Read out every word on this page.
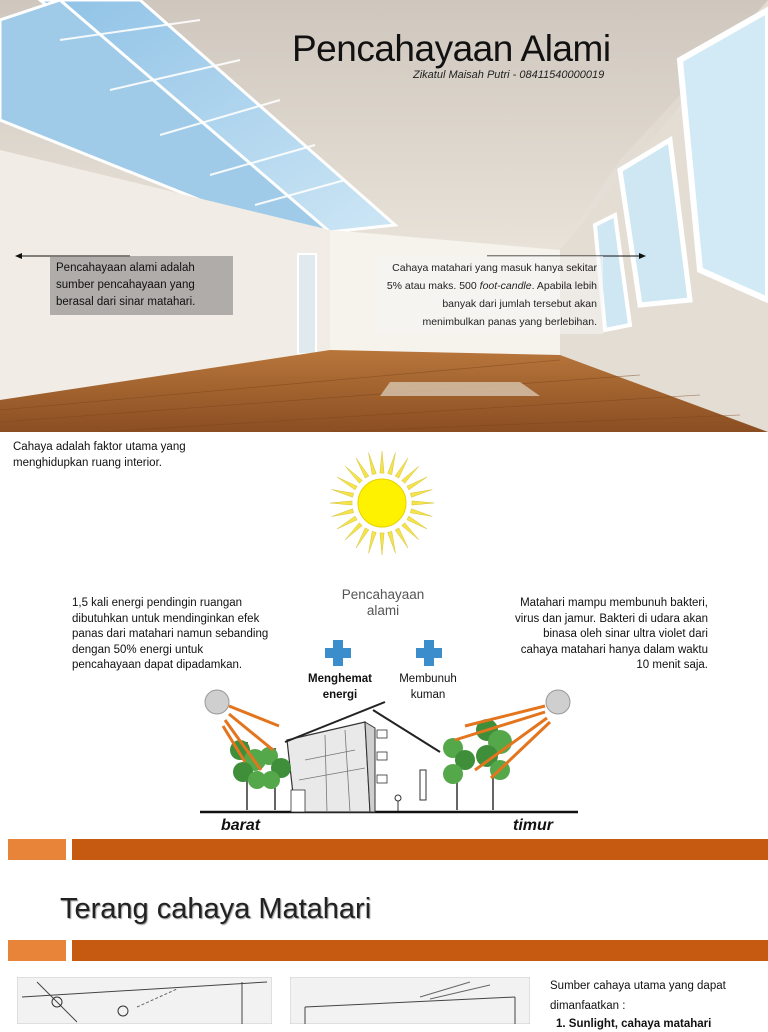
Pencahayaan Alami
Zikatul Maisah Putri - 08411540000019
Pencahayaan alami adalah sumber pencahayaan yang berasal dari sinar matahari.
Cahaya matahari yang masuk hanya sekitar 5% atau maks. 500 foot-candle. Apabila lebih banyak dari jumlah tersebut akan menimbulkan panas yang berlebihan.
Cahaya adalah faktor utama yang menghidupkan ruang interior.
1,5 kali energi pendingin ruangan dibutuhkan untuk mendinginkan efek panas dari matahari namun sebanding dengan 50% energi untuk pencahayaan dapat dipadamkan.
Matahari mampu membunuh bakteri, virus dan jamur. Bakteri di udara akan binasa oleh sinar ultra violet dari cahaya matahari hanya dalam waktu 10 menit saja.
Pencahayaan alami
Menghemat energi
Membunuh kuman
barat	timur
Terang cahaya Matahari
Sumber cahaya utama yang dapat dimanfaatkan :
1. Sunlight, cahaya matahari
